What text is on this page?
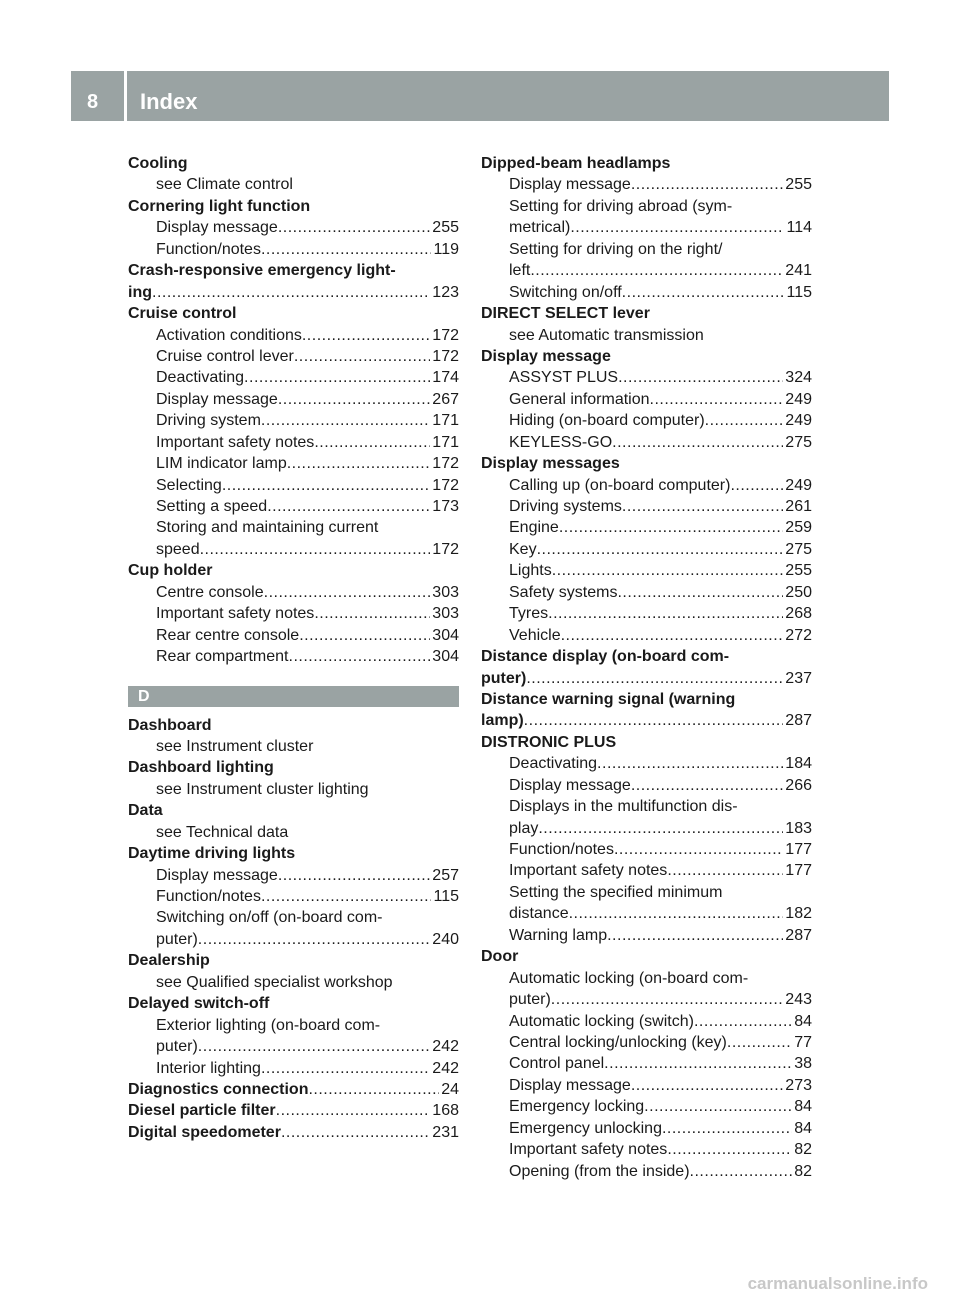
8 Index
Cooling
see Climate control
Cornering light function
Display message .....	255
Function/notes .....	119
Crash-responsive emergency light-
ing .....	123
Cruise control
Activation conditions .....	172
Cruise control lever .....	172
Deactivating .....	174
Display message .....	267
Driving system .....	171
Important safety notes .....	171
LIM indicator lamp .....	172
Selecting .....	172
Setting a speed .....	173
Storing and maintaining current
speed .....	172
Cup holder
Centre console .....	303
Important safety notes .....	303
Rear centre console .....	304
Rear compartment .....	304
D
Dashboard
see Instrument cluster
Dashboard lighting
see Instrument cluster lighting
Data
see Technical data
Daytime driving lights
Display message .....	257
Function/notes .....	115
Switching on/off (on-board com-
puter) .....	240
Dealership
see Qualified specialist workshop
Delayed switch-off
Exterior lighting (on-board com-
puter) .....	242
Interior lighting .....	242
Diagnostics connection .....	24
Diesel particle filter .....	168
Digital speedometer .....	231
Dipped-beam headlamps
Display message .....	255
Setting for driving abroad (sym-
metrical) .....	114
Setting for driving on the right/
left .....	241
Switching on/off .....	115
DIRECT SELECT lever
see Automatic transmission
Display message
ASSYST PLUS .....	324
General information .....	249
Hiding (on-board computer) .....	249
KEYLESS-GO .....	275
Display messages
Calling up (on-board computer) .....	249
Driving systems .....	261
Engine .....	259
Key .....	275
Lights .....	255
Safety systems .....	250
Tyres .....	268
Vehicle .....	272
Distance display (on-board com-
puter) .....	237
Distance warning signal (warning
lamp) .....	287
DISTRONIC PLUS
Deactivating .....	184
Display message .....	266
Displays in the multifunction dis-
play .....	183
Function/notes .....	177
Important safety notes .....	177
Setting the specified minimum
distance .....	182
Warning lamp .....	287
Door
Automatic locking (on-board com-
puter) .....	243
Automatic locking (switch) .....	84
Central locking/unlocking (key) .....	77
Control panel .....	38
Display message .....	273
Emergency locking .....	84
Emergency unlocking .....	84
Important safety notes .....	82
Opening (from the inside) .....	82
carmanualsonline.info
